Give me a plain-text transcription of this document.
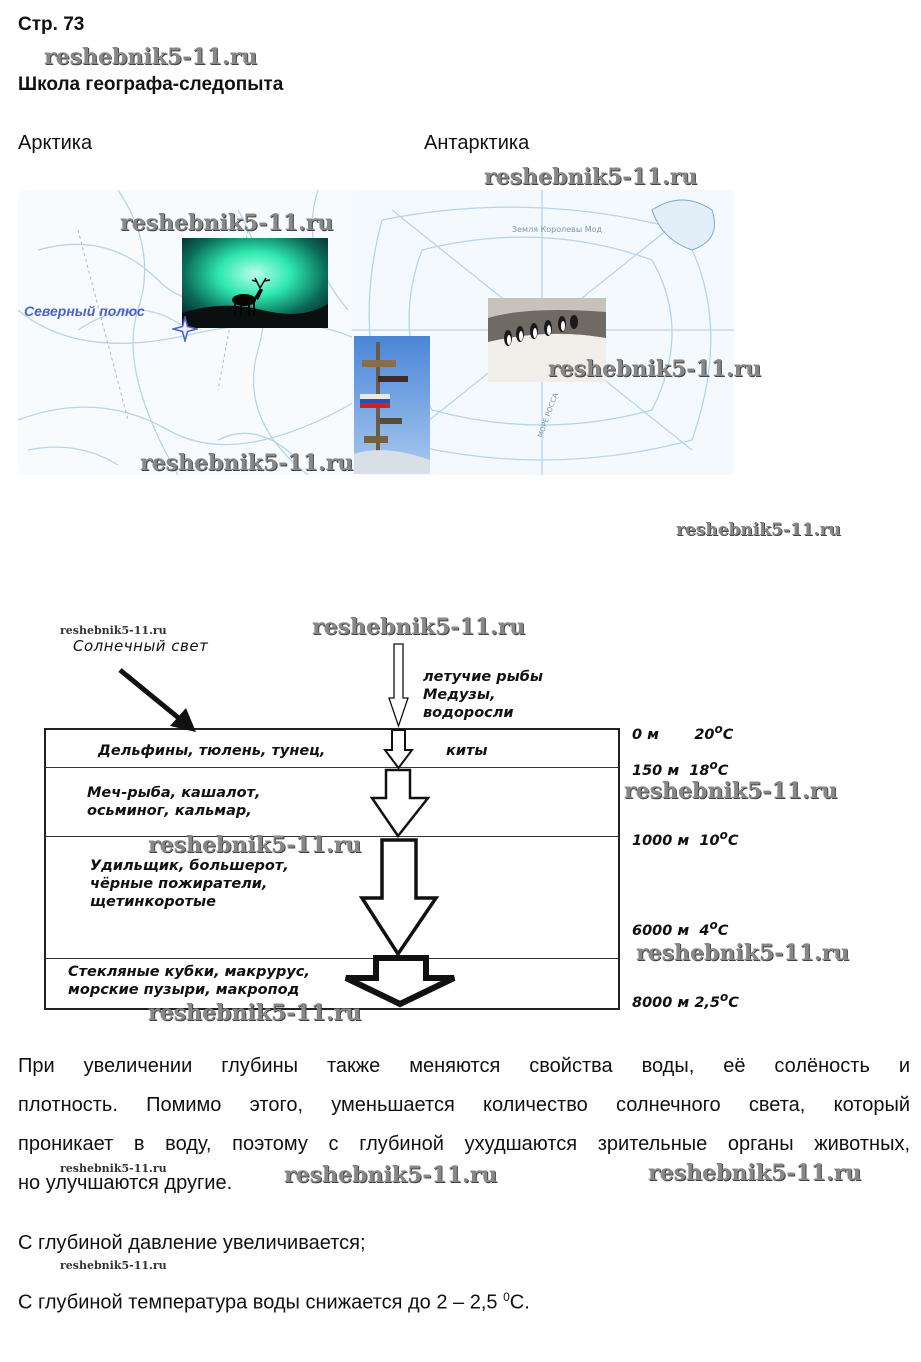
Стр. 73
reshebnik5-11.ru
Школа географа-следопыта
Арктика	Антарктика
reshebnik5-11.ru
Северный полюс
Земля Королевы Мод
МОРЕ РОССА
reshebnik5-11.ru
reshebnik5-11.ru
reshebnik5-11.ru
reshebnik5-11.ru
reshebnik5-11.ru
Солнечный свет
reshebnik5-11.ru
летучие рыбы
Медузы,
водоросли
Дельфины, тюлень, тунец,	киты
Меч-рыба, кашалот,
осьминог, кальмар,
reshebnik5-11.ru
Удильщик, большерот,
чёрные пожиратели,
щетинкоротые
Стекляные кубки, макрурус,
морские пузыри, макропод
reshebnik5-11.ru
0 м $20^оС$
150 м $18^оС$
reshebnik5-11.ru
1000 м $10^оС$
6000 м $4^оС$
reshebnik5-11.ru
8000 м $2,5^оС$
При увеличении глубины также меняются свойства воды, её солёность и
плотность. Помимо этого, уменьшается количество солнечного света, который
проникает в воду, поэтому с глубиной ухудшаются зрительные органы животных,
но улучшаются другие.
reshebnik5-11.ru	reshebnik5-11.ru	reshebnik5-11.ru
С глубиной давление увеличивается;
reshebnik5-11.ru
С глубиной температура воды снижается до 2 – 2,5 $^0$С.
